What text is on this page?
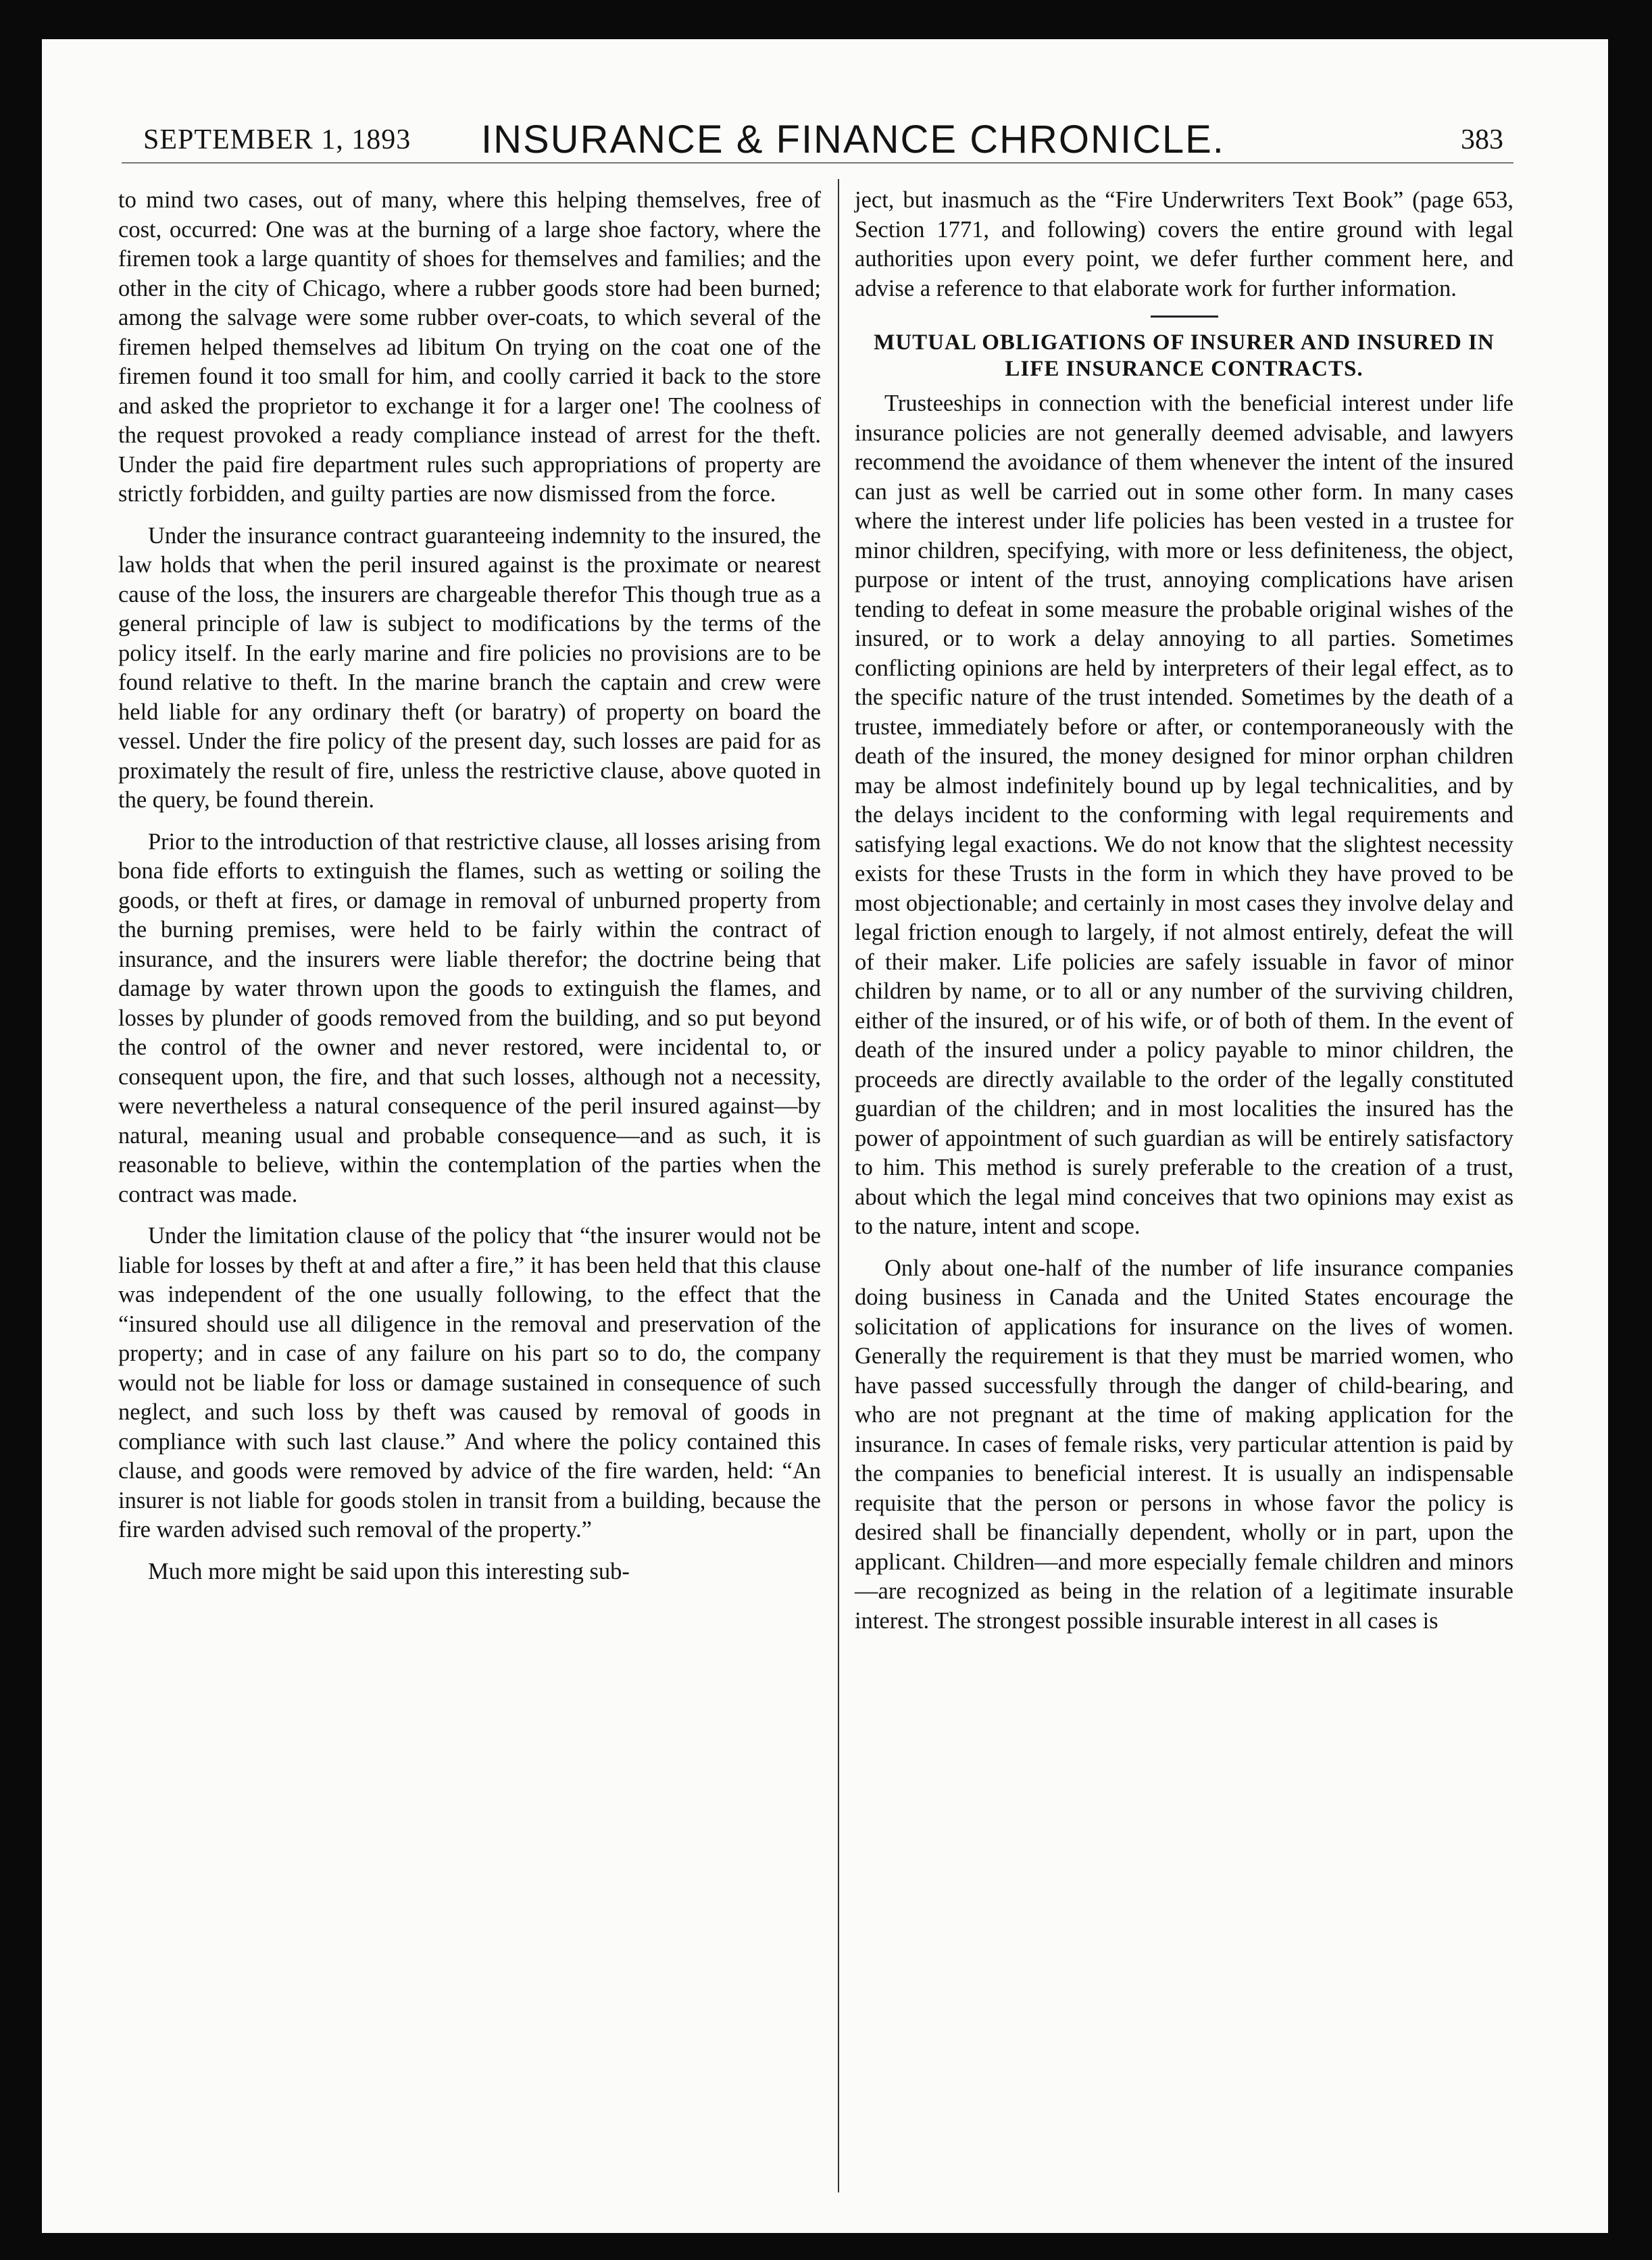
SEPTEMBER 1, 1893 INSURANCE & FINANCE CHRONICLE.	383

to mind two cases, out of many, where this helping themselves, free of cost, occurred: One was at the burning of a large shoe factory, where the firemen took a large quantity of shoes for themselves and families; and the other in the city of Chicago, where a rubber goods store had been burned; among the salvage were some rubber over-coats, to which several of the firemen helped themselves ad libitum On trying on the coat one of the firemen found it too small for him, and coolly carried it back to the store and asked the proprietor to exchange it for a larger one! The coolness of the request provoked a ready compliance instead of arrest for the theft. Under the paid fire department rules such appropriations of property are strictly forbidden, and guilty parties are now dismissed from the force.

Under the insurance contract guaranteeing indemnity to the insured, the law holds that when the peril insured against is the proximate or nearest cause of the loss, the insurers are chargeable therefor This though true as a general principle of law is subject to modifications by the terms of the policy itself. In the early marine and fire policies no provisions are to be found relative to theft. In the marine branch the captain and crew were held liable for any ordinary theft (or baratry) of property on board the vessel. Under the fire policy of the present day, such losses are paid for as proximately the result of fire, unless the restrictive clause, above quoted in the query, be found therein.

Prior to the introduction of that restrictive clause, all losses arising from bona fide efforts to extinguish the flames, such as wetting or soiling the goods, or theft at fires, or damage in removal of unburned property from the burning premises, were held to be fairly within the contract of insurance, and the insurers were liable therefor; the doctrine being that damage by water thrown upon the goods to extinguish the flames, and losses by plunder of goods removed from the building, and so put beyond the control of the owner and never restored, were incidental to, or consequent upon, the fire, and that such losses, although not a necessity, were nevertheless a natural consequence of the peril insured against—by natural, meaning usual and probable consequence—and as such, it is reasonable to believe, within the contemplation of the parties when the contract was made.

Under the limitation clause of the policy that “the insurer would not be liable for losses by theft at and after a fire,” it has been held that this clause was independent of the one usually following, to the effect that the “insured should use all diligence in the removal and preservation of the property; and in case of any failure on his part so to do, the company would not be liable for loss or damage sustained in consequence of such neglect, and such loss by theft was caused by removal of goods in compliance with such last clause.” And where the policy contained this clause, and goods were removed by advice of the fire warden, held: “An insurer is not liable for goods stolen in transit from a building, because the fire warden advised such removal of the property.”

Much more might be said upon this interesting sub-

ject, but inasmuch as the “Fire Underwriters Text Book” (page 653, Section 1771, and following) covers the entire ground with legal authorities upon every point, we defer further comment here, and advise a reference to that elaborate work for further information.

MUTUAL OBLIGATIONS OF INSURER AND INSURED IN LIFE INSURANCE CONTRACTS.

Trusteeships in connection with the beneficial interest under life insurance policies are not generally deemed advisable, and lawyers recommend the avoidance of them whenever the intent of the insured can just as well be carried out in some other form. In many cases where the interest under life policies has been vested in a trustee for minor children, specifying, with more or less definiteness, the object, purpose or intent of the trust, annoying complications have arisen tending to defeat in some measure the probable original wishes of the insured, or to work a delay annoying to all parties. Sometimes conflicting opinions are held by interpreters of their legal effect, as to the specific nature of the trust intended. Sometimes by the death of a trustee, immediately before or after, or contemporaneously with the death of the insured, the money designed for minor orphan children may be almost indefinitely bound up by legal technicalities, and by the delays incident to the conforming with legal requirements and satisfying legal exactions. We do not know that the slightest necessity exists for these Trusts in the form in which they have proved to be most objectionable; and certainly in most cases they involve delay and legal friction enough to largely, if not almost entirely, defeat the will of their maker. Life policies are safely issuable in favor of minor children by name, or to all or any number of the surviving children, either of the insured, or of his wife, or of both of them. In the event of death of the insured under a policy payable to minor children, the proceeds are directly available to the order of the legally constituted guardian of the children; and in most localities the insured has the power of appointment of such guardian as will be entirely satisfactory to him. This method is surely preferable to the creation of a trust, about which the legal mind conceives that two opinions may exist as to the nature, intent and scope.

Only about one-half of the number of life insurance companies doing business in Canada and the United States encourage the solicitation of applications for insurance on the lives of women. Generally the requirement is that they must be married women, who have passed successfully through the danger of child-bearing, and who are not pregnant at the time of making application for the insurance. In cases of female risks, very particular attention is paid by the companies to beneficial interest. It is usually an indispensable requisite that the person or persons in whose favor the policy is desired shall be financially dependent, wholly or in part, upon the applicant. Children—and more especially female children and minors—are recognized as being in the relation of a legitimate insurable interest. The strongest possible insurable interest in all cases is
